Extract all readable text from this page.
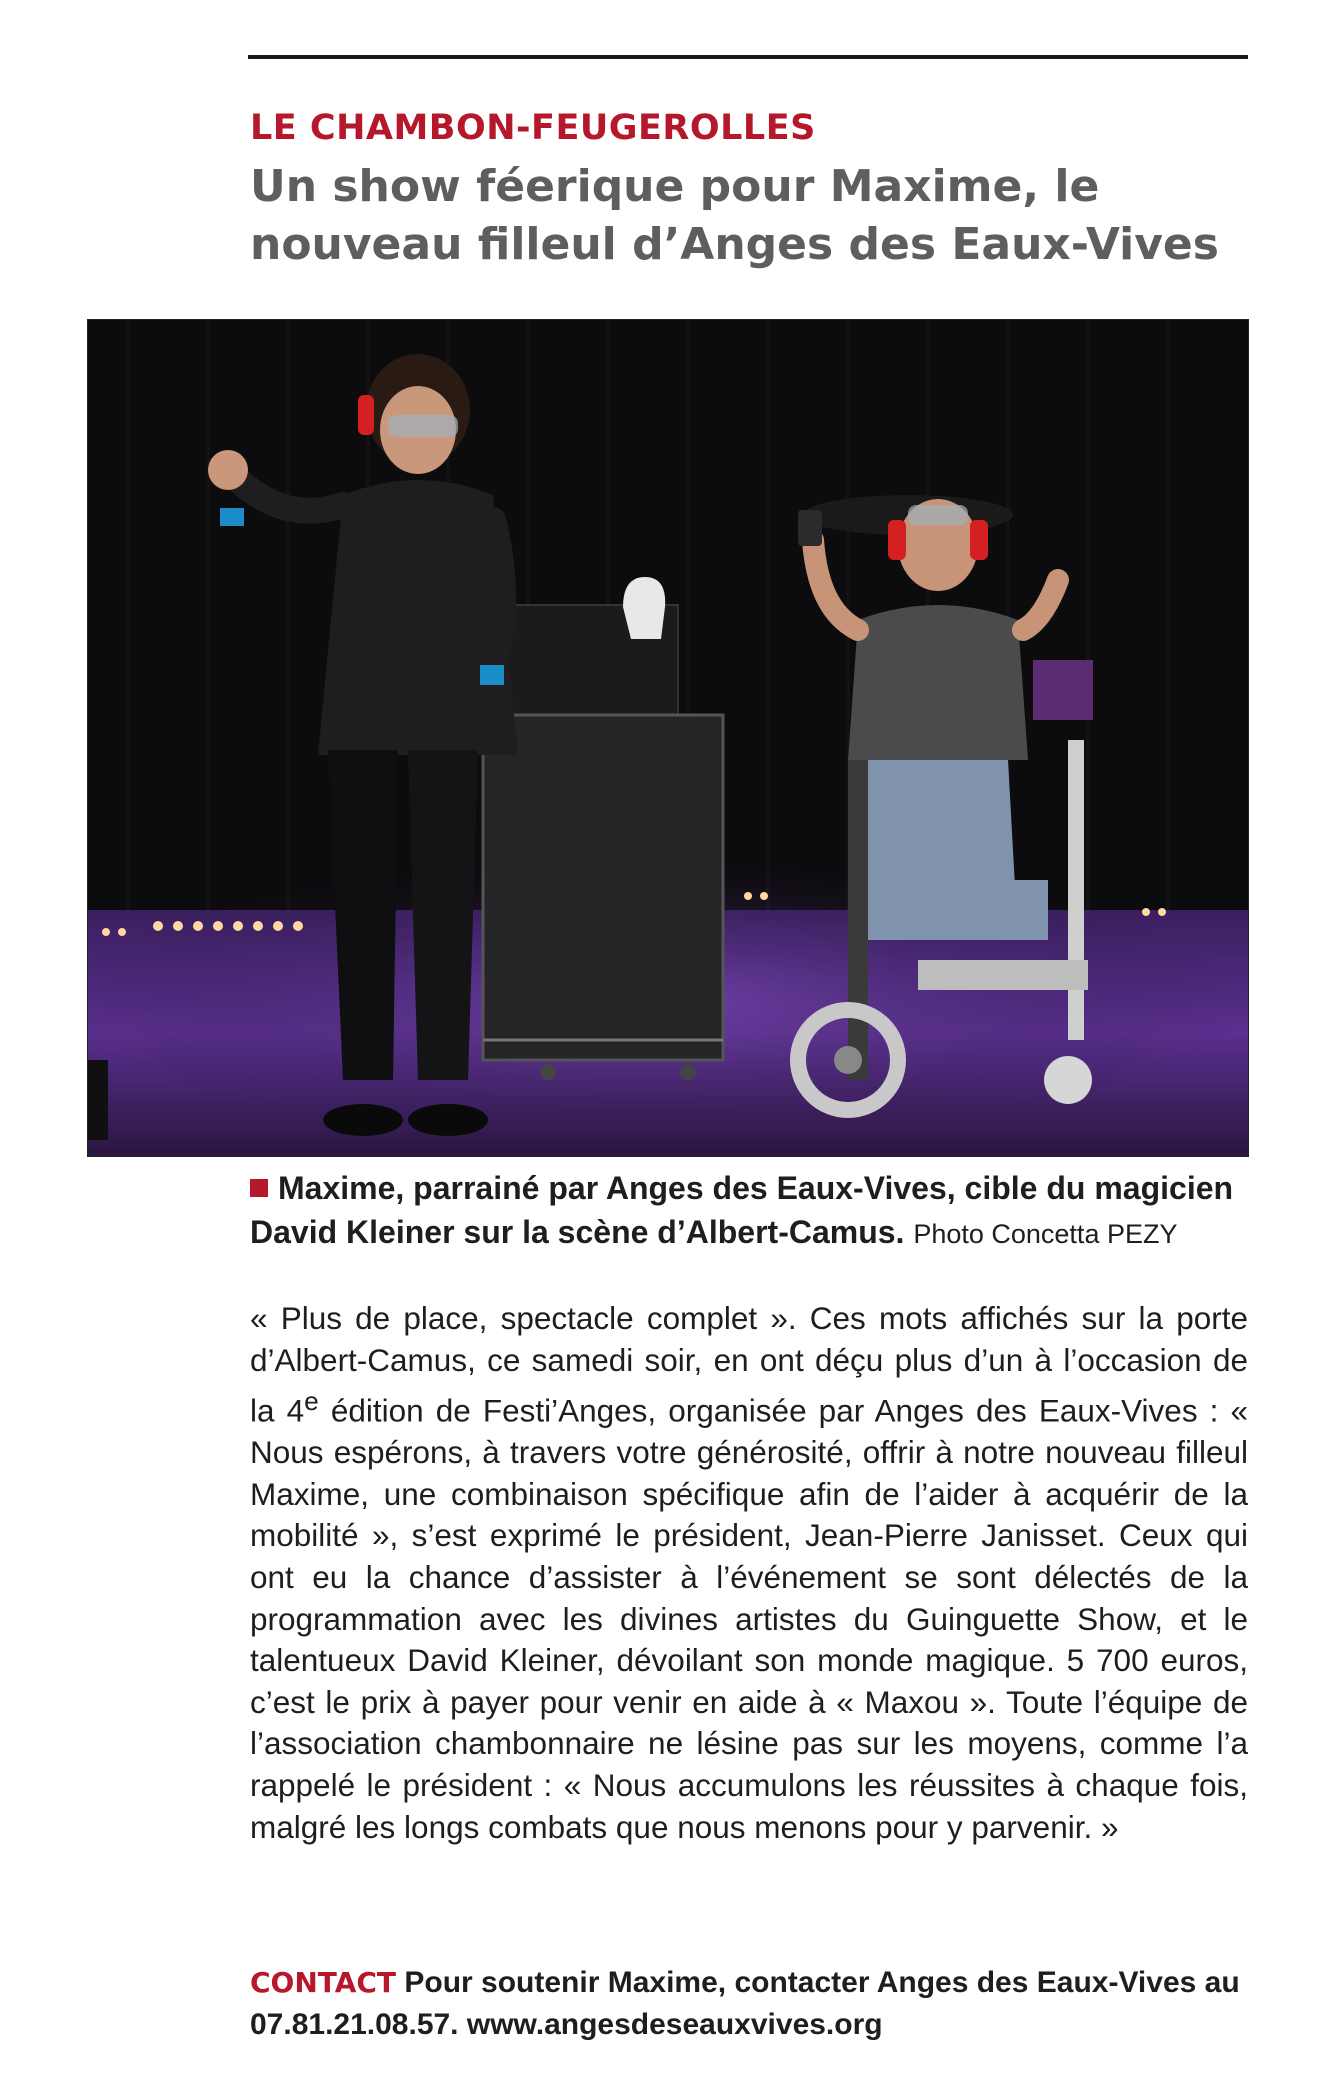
LE CHAMBON-FEUGEROLLES
Un show féerique pour Maxime, le nouveau filleul d’Anges des Eaux-Vives

Maxime, parrainé par Anges des Eaux-Vives, cible du magicien David Kleiner sur la scène d’Albert-Camus. Photo Concetta PEZY

« Plus de place, spectacle complet ». Ces mots affichés sur la porte d’Albert-Camus, ce samedi soir, en ont déçu plus d’un à l’occasion de la 4e édition de Festi’Anges, organisée par Anges des Eaux-Vives : « Nous espérons, à travers votre générosité, offrir à notre nouveau filleul Maxime, une combinaison spécifique afin de l’aider à acquérir de la mobilité », s’est exprimé le président, Jean-Pierre Janisset. Ceux qui ont eu la chance d’assister à l’événement se sont délectés de la programmation avec les divines artistes du Guinguette Show, et le talentueux David Kleiner, dévoilant son monde magique. 5 700 euros, c’est le prix à payer pour venir en aide à « Maxou ». Toute l’équipe de l’association chambonnaire ne lésine pas sur les moyens, comme l’a rappelé le président : « Nous accumulons les réussites à chaque fois, malgré les longs combats que nous menons pour y parvenir. »

CONTACT Pour soutenir Maxime, contacter Anges des Eaux-Vives au 07.81.21.08.57. www.angesdeseauxvives.org
